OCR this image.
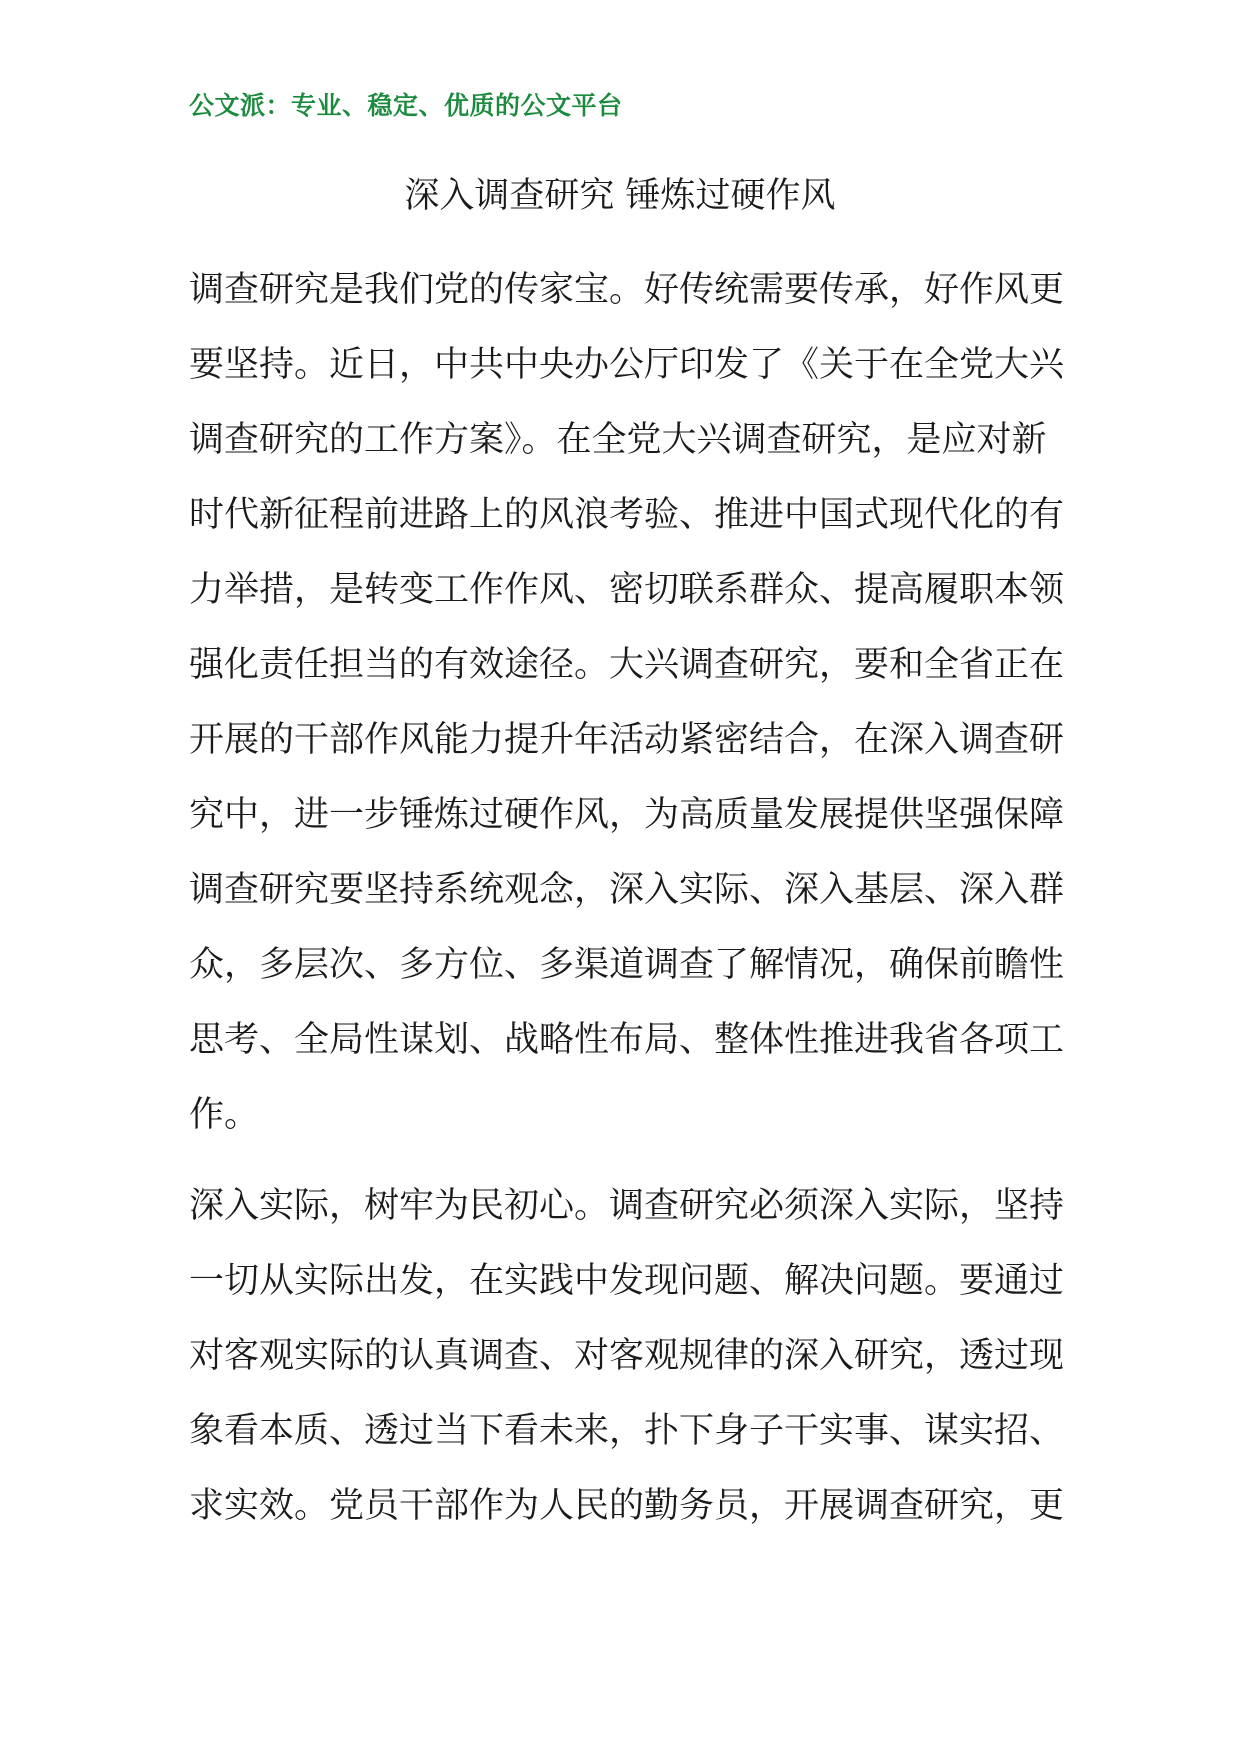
公文派：专业、稳定、优质的公文平台
深入调查研究 锤炼过硬作风
调查研究是我们党的传家宝。好传统需要传承，好作风更
要坚持。近日，中共中央办公厅印发了《关于在全党大兴
调查研究的工作方案》。在全党大兴调查研究，是应对新
时代新征程前进路上的风浪考验、推进中国式现代化的有
力举措，是转变工作作风、密切联系群众、提高履职本领
强化责任担当的有效途径。大兴调查研究，要和全省正在
开展的干部作风能力提升年活动紧密结合，在深入调查研
究中，进一步锤炼过硬作风，为高质量发展提供坚强保障
调查研究要坚持系统观念，深入实际、深入基层、深入群
众，多层次、多方位、多渠道调查了解情况，确保前瞻性
思考、全局性谋划、战略性布局、整体性推进我省各项工
作。
深入实际，树牢为民初心。调查研究必须深入实际，坚持
一切从实际出发，在实践中发现问题、解决问题。要通过
对客观实际的认真调查、对客观规律的深入研究，透过现
象看本质、透过当下看未来，扑下身子干实事、谋实招、
求实效。党员干部作为人民的勤务员，开展调查研究，更
